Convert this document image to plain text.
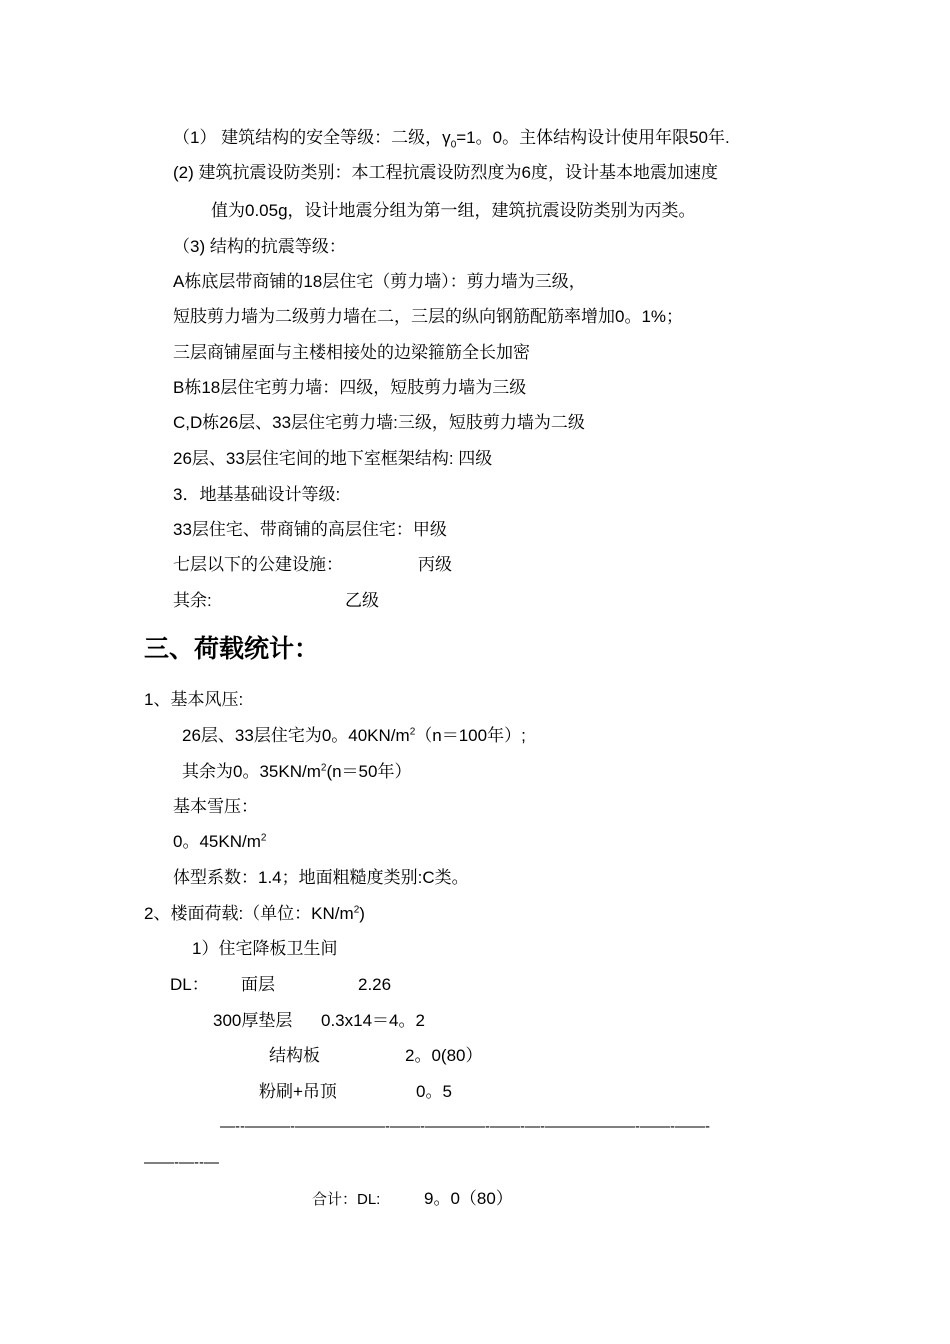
（1） 建筑结构的安全等级：二级，$\gamma_0=1$。0。主体结构设计使用年限50年.
(2) 建筑抗震设防类别：本工程抗震设防烈度为6度，设计基本地震加速度
值为0.05g，设计地震分组为第一组，建筑抗震设防类别为丙类。
（3) 结构的抗震等级：
A栋底层带商铺的18层住宅（剪力墙）：剪力墙为三级，
短肢剪力墙为二级剪力墙在二，三层的纵向钢筋配筋率增加0。1%；
三层商铺屋面与主楼相接处的边梁箍筋全长加密
B栋18层住宅剪力墙：四级，短肢剪力墙为三级
C,D栋26层、33层住宅剪力墙:三级，短肢剪力墙为二级
26层、33层住宅间的地下室框架结构: 四级
3．地基基础设计等级:
33层住宅、带商铺的高层住宅：甲级
七层以下的公建设施：	丙级
其余:	乙级
三、荷载统计：
1、基本风压:
26层、33层住宅为0。$40KN/m^2(n=100$年）;
其余为0。$35KN/m^2(n=50$年）
基本雪压：
0。$45KN/m^2$
体型系数：1.4；地面粗糙度类别:C类。
2、楼面荷载:（单位：$KN/m^2$)
1）住宅降板卫生间
DL： 面层	2.26
300厚垫层 0.3x14＝4。2
结构板	2。0(80）
粉刷+吊顶	0。5
—--———-——————-——-————-——-—-——————-——-——-
——-—--—
合计：DL:	9。0（80）
